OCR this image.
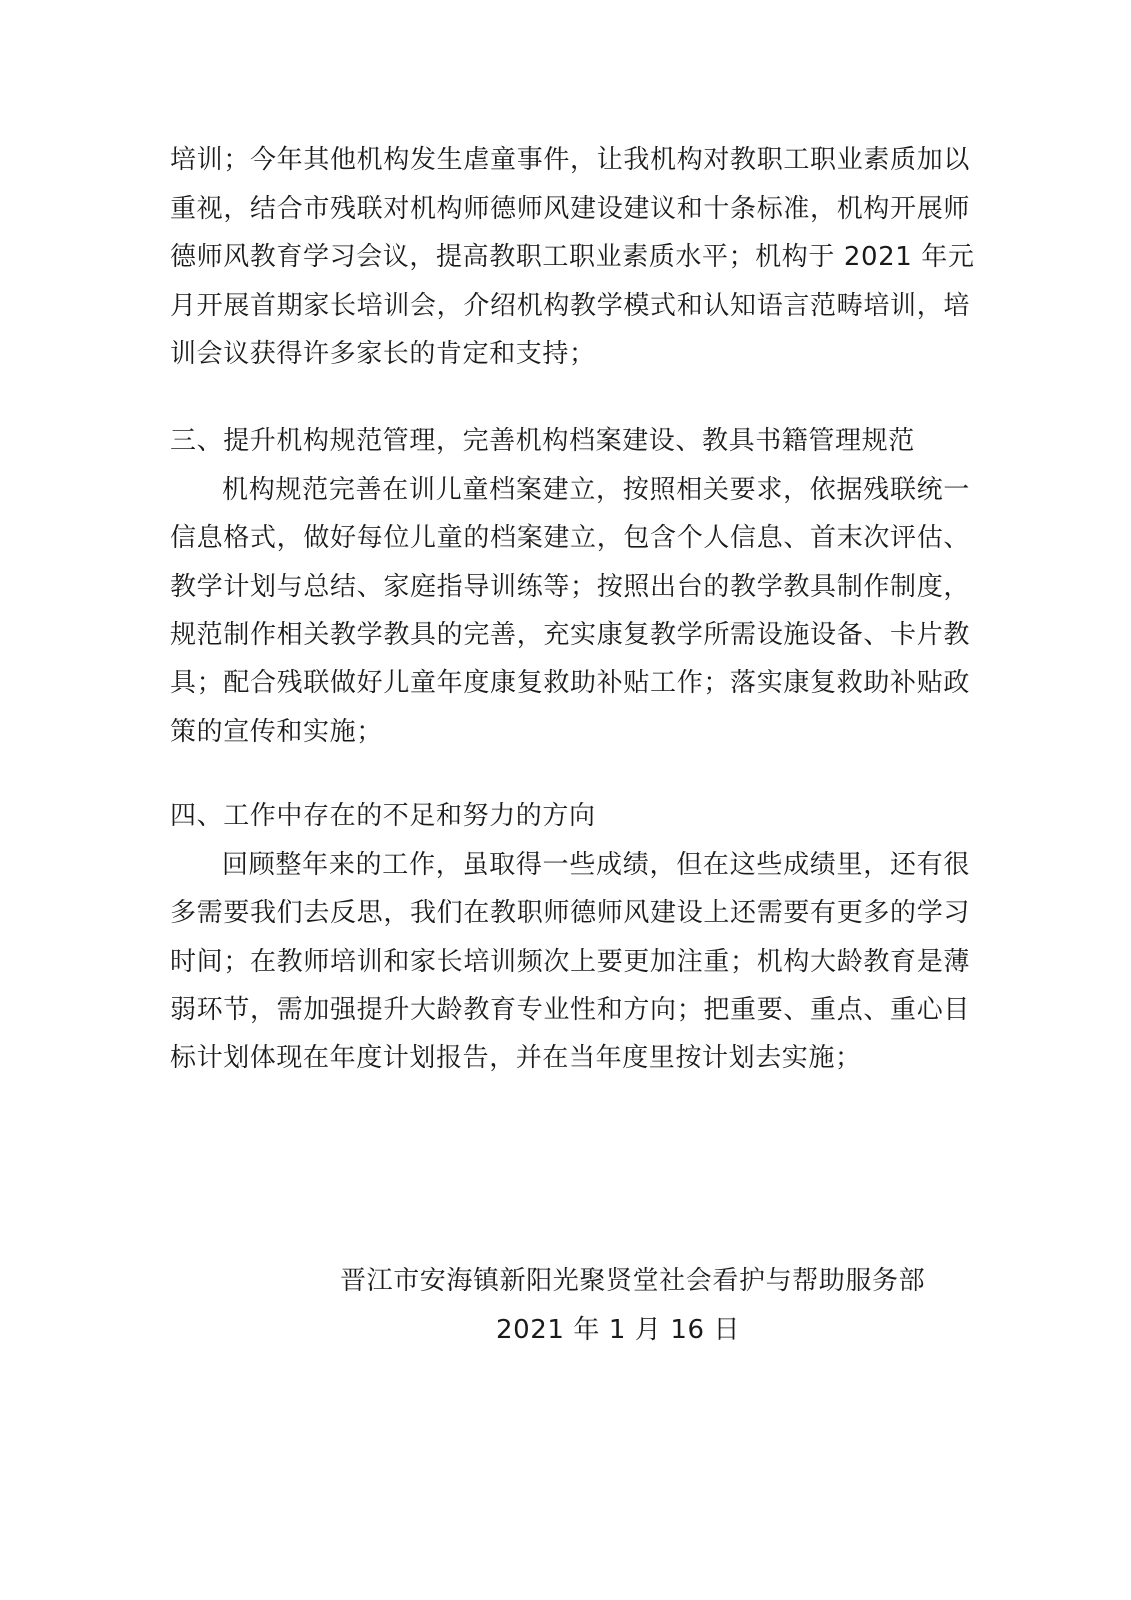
培训；今年其他机构发生虐童事件，让我机构对教职工职业素质加以
重视，结合市残联对机构师德师风建设建议和十条标准，机构开展师
德师风教育学习会议，提高教职工职业素质水平；机构于 2021 年元
月开展首期家长培训会，介绍机构教学模式和认知语言范畴培训，培
训会议获得许多家长的肯定和支持；
三、提升机构规范管理，完善机构档案建设、教具书籍管理规范
机构规范完善在训儿童档案建立，按照相关要求，依据残联统一
信息格式，做好每位儿童的档案建立，包含个人信息、首末次评估、
教学计划与总结、家庭指导训练等；按照出台的教学教具制作制度，
规范制作相关教学教具的完善，充实康复教学所需设施设备、卡片教
具；配合残联做好儿童年度康复救助补贴工作；落实康复救助补贴政
策的宣传和实施；
四、工作中存在的不足和努力的方向
回顾整年来的工作，虽取得一些成绩，但在这些成绩里，还有很
多需要我们去反思，我们在教职师德师风建设上还需要有更多的学习
时间；在教师培训和家长培训频次上要更加注重；机构大龄教育是薄
弱环节，需加强提升大龄教育专业性和方向；把重要、重点、重心目
标计划体现在年度计划报告，并在当年度里按计划去实施；
晋江市安海镇新阳光聚贤堂社会看护与帮助服务部
2021 年 1 月 16 日
